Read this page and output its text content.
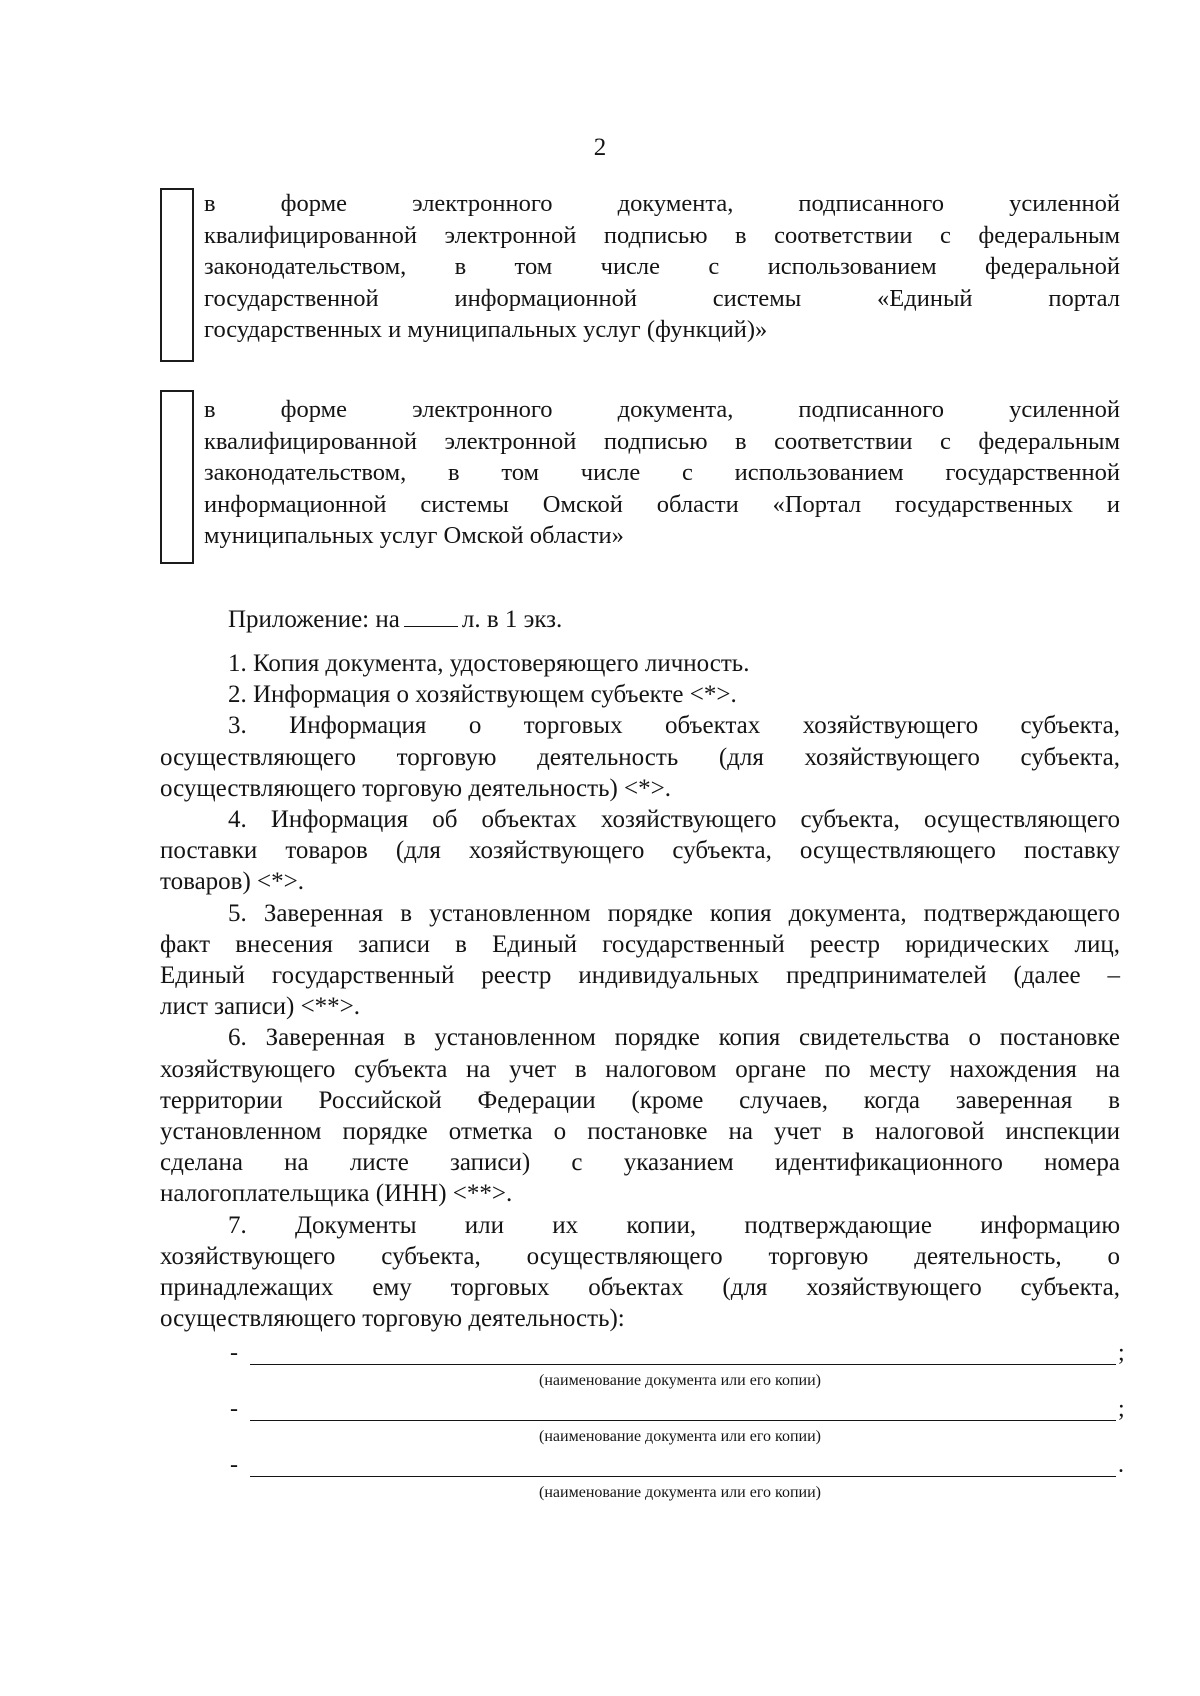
2
в форме электронного документа, подписанного усиленной
квалифицированной электронной подписью в соответствии с федеральным
законодательством, в том числе с использованием федеральной
государственной информационной системы «Единый портал
государственных и муниципальных услуг (функций)»
в форме электронного документа, подписанного усиленной
квалифицированной электронной подписью в соответствии с федеральным
законодательством, в том числе с использованием государственной
информационной системы Омской области «Портал государственных и
муниципальных услуг Омской области»
Приложение: на л. в 1 экз.
1. Копия документа, удостоверяющего личность.
2. Информация о хозяйствующем субъекте <*>.
3. Информация о торговых объектах хозяйствующего субъекта,
осуществляющего торговую деятельность (для хозяйствующего субъекта,
осуществляющего торговую деятельность) <*>.
4. Информация об объектах хозяйствующего субъекта, осуществляющего
поставки товаров (для хозяйствующего субъекта, осуществляющего поставку
товаров) <*>.
5. Заверенная в установленном порядке копия документа, подтверждающего
факт внесения записи в Единый государственный реестр юридических лиц,
Единый государственный реестр индивидуальных предпринимателей (далее –
лист записи) <**>.
6. Заверенная в установленном порядке копия свидетельства о постановке
хозяйствующего субъекта на учет в налоговом органе по месту нахождения на
территории Российской Федерации (кроме случаев, когда заверенная в
установленном порядке отметка о постановке на учет в налоговой инспекции
сделана на листе записи) с указанием идентификационного номера
налогоплательщика (ИНН) <**>.
7. Документы или их копии, подтверждающие информацию
хозяйствующего субъекта, осуществляющего торговую деятельность, о
принадлежащих ему торговых объектах (для хозяйствующего субъекта,
осуществляющего торговую деятельность):
-	;
(наименование документа или его копии)
-	;
(наименование документа или его копии)
-	.
(наименование документа или его копии)
